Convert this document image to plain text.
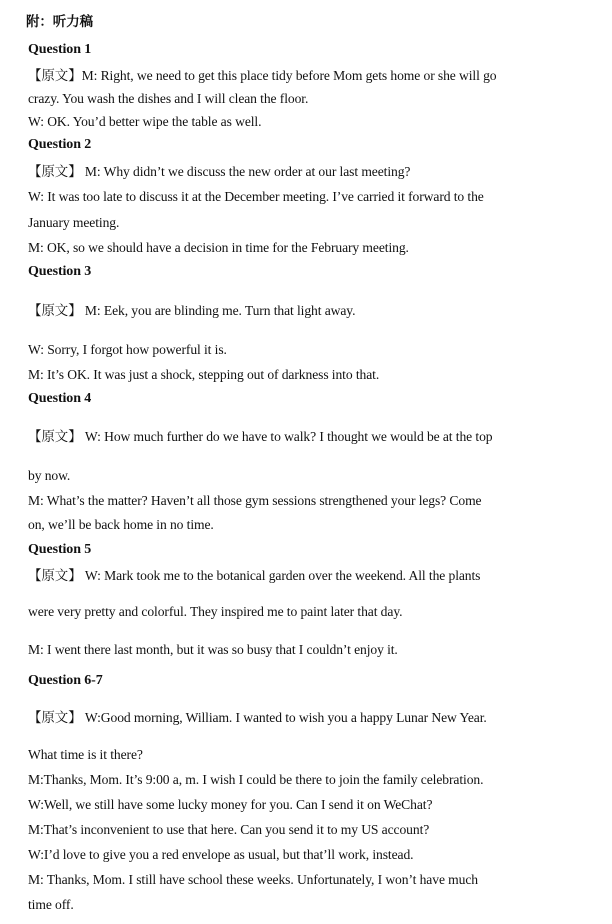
附：听力稿
Question 1
【原文】M: Right, we need to get this place tidy before Mom gets home or she will go
crazy. You wash the dishes and I will clean the floor.
W: OK. You’d better wipe the table as well.
Question 2
【原文】 M: Why didn’t we discuss the new order at our last meeting?
W: It was too late to discuss it at the December meeting. I’ve carried it forward to the
January meeting.
M: OK, so we should have a decision in time for the February meeting.
Question 3
【原文】 M: Eek, you are blinding me. Turn that light away.
W: Sorry, I forgot how powerful it is.
M: It’s OK. It was just a shock, stepping out of darkness into that.
Question 4
【原文】 W: How much further do we have to walk? I thought we would be at the top
by now.
M: What’s the matter? Haven’t all those gym sessions strengthened your legs? Come
on, we’ll be back home in no time.
Question 5
【原文】 W: Mark took me to the botanical garden over the weekend. All the plants
were very pretty and colorful. They inspired me to paint later that day.
M: I went there last month, but it was so busy that I couldn’t enjoy it.
Question 6-7
【原文】 W:Good morning, William. I wanted to wish you a happy Lunar New Year.
What time is it there?
M:Thanks, Mom. It’s 9:00 a, m. I wish I could be there to join the family celebration.
W:Well, we still have some lucky money for you. Can I send it on WeChat?
M:That’s inconvenient to use that here. Can you send it to my US account?
W:I’d love to give you a red envelope as usual, but that’ll work, instead.
M: Thanks, Mom. I still have school these weeks. Unfortunately, I won’t have much
time off.
